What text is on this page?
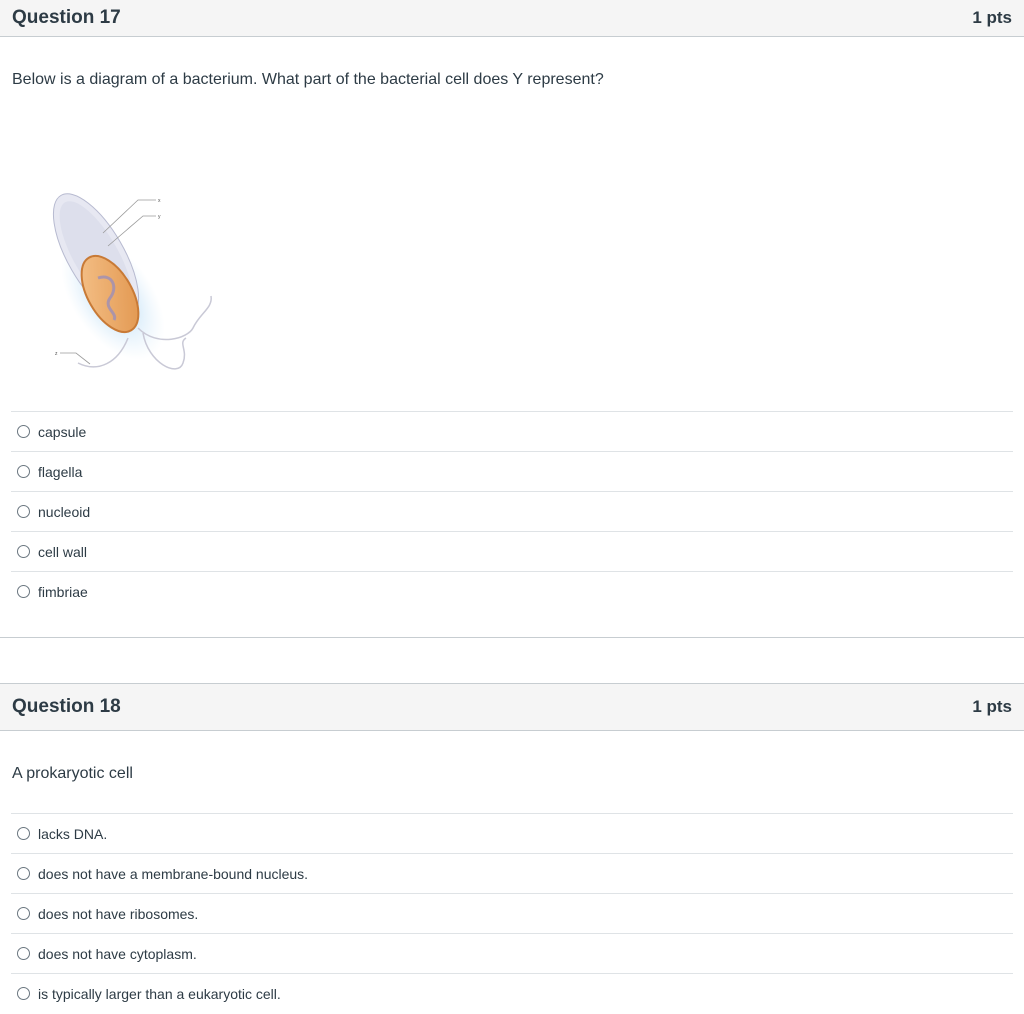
Question 17	1 pts
Below is a diagram of a bacterium. What part of the bacterial cell does Y represent?
x
y
z
capsule
flagella
nucleoid
cell wall
fimbriae
Question 18	1 pts
A prokaryotic cell
lacks DNA.
does not have a membrane-bound nucleus.
does not have ribosomes.
does not have cytoplasm.
is typically larger than a eukaryotic cell.
